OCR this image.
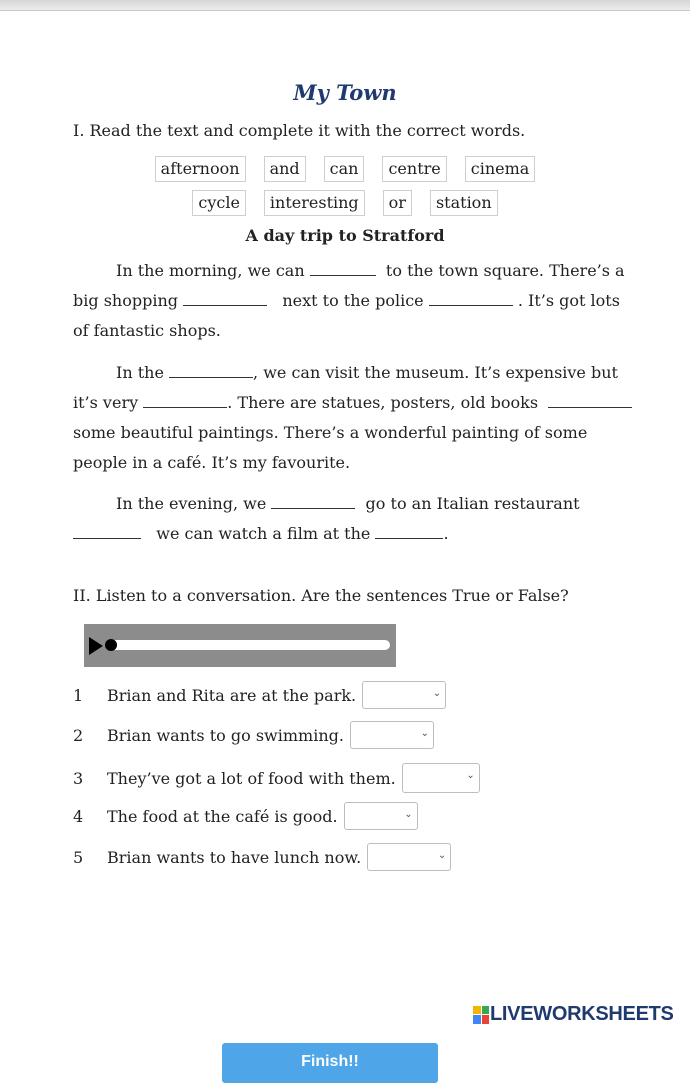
My Town
I. Read the text and complete it with the correct words.
afternoon	and	can	centre	cinema
cycle	interesting	or	station
A day trip to Stratford
In the morning, we can	to the town square. There’s a
big shopping	next to the police	. It’s got lots
of fantastic shops.
In the	, we can visit the museum. It’s expensive but
it’s very	. There are statues, posters, old books
some beautiful paintings. There’s a wonderful painting of some
people in a café. It’s my favourite.
In the evening, we	go to an Italian restaurant
we can watch a film at the	.
II. Listen to a conversation. Are the sentences True or False?
1	Brian and Rita are at the park.	⌄
2	Brian wants to go swimming.	⌄
3	They’ve got a lot of food with them.	⌄
4	The food at the café is good.	⌄
5	Brian wants to have lunch now.	⌄
LIVEWORKSHEETS
Finish!!
